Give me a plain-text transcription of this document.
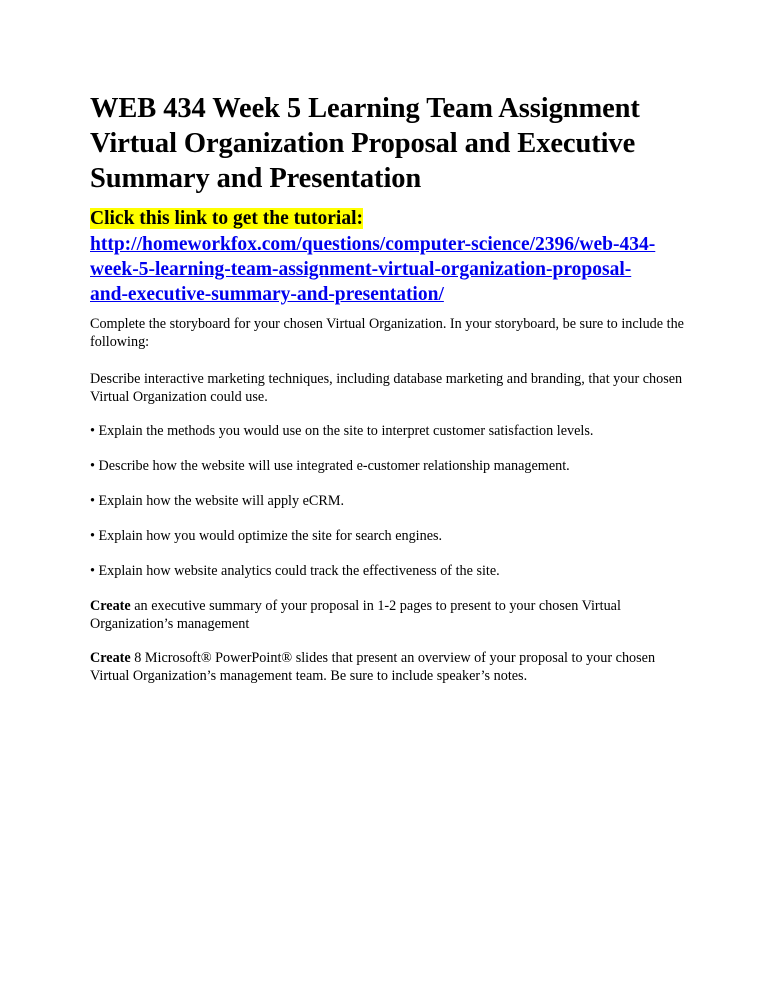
WEB 434 Week 5 Learning Team Assignment
Virtual Organization Proposal and Executive
Summary and Presentation
Click this link to get the tutorial:
http://homeworkfox.com/questions/computer-science/2396/web-434-
week-5-learning-team-assignment-virtual-organization-proposal-
and-executive-summary-and-presentation/

Complete the storyboard for your chosen Virtual Organization. In your storyboard, be sure to include the following:

Describe interactive marketing techniques, including database marketing and branding, that your chosen Virtual Organization could use.

• Explain the methods you would use on the site to interpret customer satisfaction levels.

• Describe how the website will use integrated e-customer relationship management.

• Explain how the website will apply eCRM.

• Explain how you would optimize the site for search engines.

• Explain how website analytics could track the effectiveness of the site.

Create an executive summary of your proposal in 1-2 pages to present to your chosen Virtual Organization’s management

Create 8 Microsoft® PowerPoint® slides that present an overview of your proposal to your chosen Virtual Organization’s management team. Be sure to include speaker’s notes.
